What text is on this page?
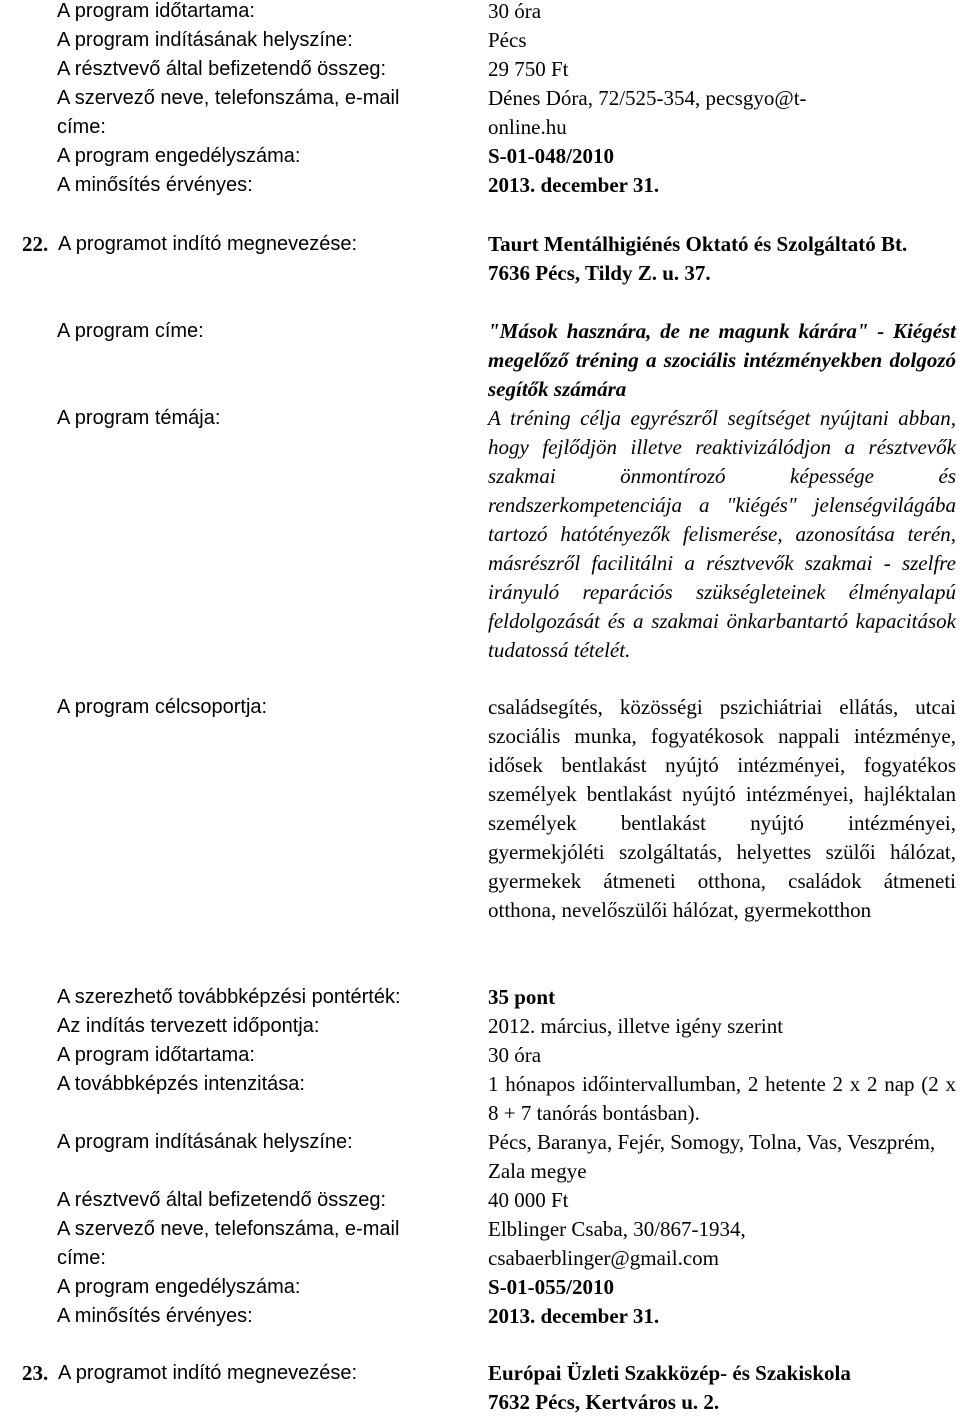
A program időtartama:	30 óra

A program indításának helyszíne:	Pécs

A résztvevő által befizetendő összeg:	29 750 Ft

A szervező neve, telefonszáma, e-mail
címe:

Dénes Dóra, 72/525-354, pecsgyo@t-
online.hu

A program engedélyszáma:	S-01-048/2010

A minősítés érvényes:	2013. december 31.

22. A programot indító megnevezése:	Taurt Mentálhigiénés Oktató és Szolgáltató Bt.
7636 Pécs, Tildy Z. u. 37.

A program címe:	"Mások hasznára, de ne magunk kárára" - Kiégést megelőző tréning a szociális intézményekben dolgozó segítők számára

A program témája:	A tréning célja egyrészről segítséget nyújtani abban, hogy fejlődjön illetve reaktivizálódjon a résztvevők szakmai önmontírozó képessége és rendszerkompetenciája a "kiégés" jelenségvilágába tartozó hatótényezők felismerése, azonosítása terén, másrészről facilitálni a résztvevők szakmai - szelfre irányuló reparációs szükségleteinek élményalapú feldolgozását és a szakmai önkarbantartó kapacitások tudatossá tételét.

A program célcsoportja:	családsegítés, közösségi pszichiátriai ellátás, utcai szociális munka, fogyatékosok nappali intézménye, idősek bentlakást nyújtó intézményei, fogyatékos személyek bentlakást nyújtó intézményei, hajléktalan személyek bentlakást nyújtó intézményei, gyermekjóléti szolgáltatás, helyettes szülői hálózat, gyermekek átmeneti otthona, családok átmeneti otthona, nevelőszülői hálózat, gyermekotthon

A szerezhető továbbképzési pontérték:	35 pont

Az indítás tervezett időpontja:	2012. március, illetve igény szerint

A program időtartama:	30 óra

A továbbképzés intenzitása:	1 hónapos időintervallumban, 2 hetente 2 x 2 nap (2 x 8 + 7 tanórás bontásban).

A program indításának helyszíne:	Pécs, Baranya, Fejér, Somogy, Tolna, Vas, Veszprém, Zala megye

A résztvevő által befizetendő összeg:	40 000 Ft

A szervező neve, telefonszáma, e-mail
címe:

Elblinger Csaba, 30/867-1934,
csabaerblinger@gmail.com

A program engedélyszáma:	S-01-055/2010

A minősítés érvényes:	2013. december 31.

23. A programot indító megnevezése:	Európai Üzleti Szakközép- és Szakiskola
7632 Pécs, Kertváros u. 2.
